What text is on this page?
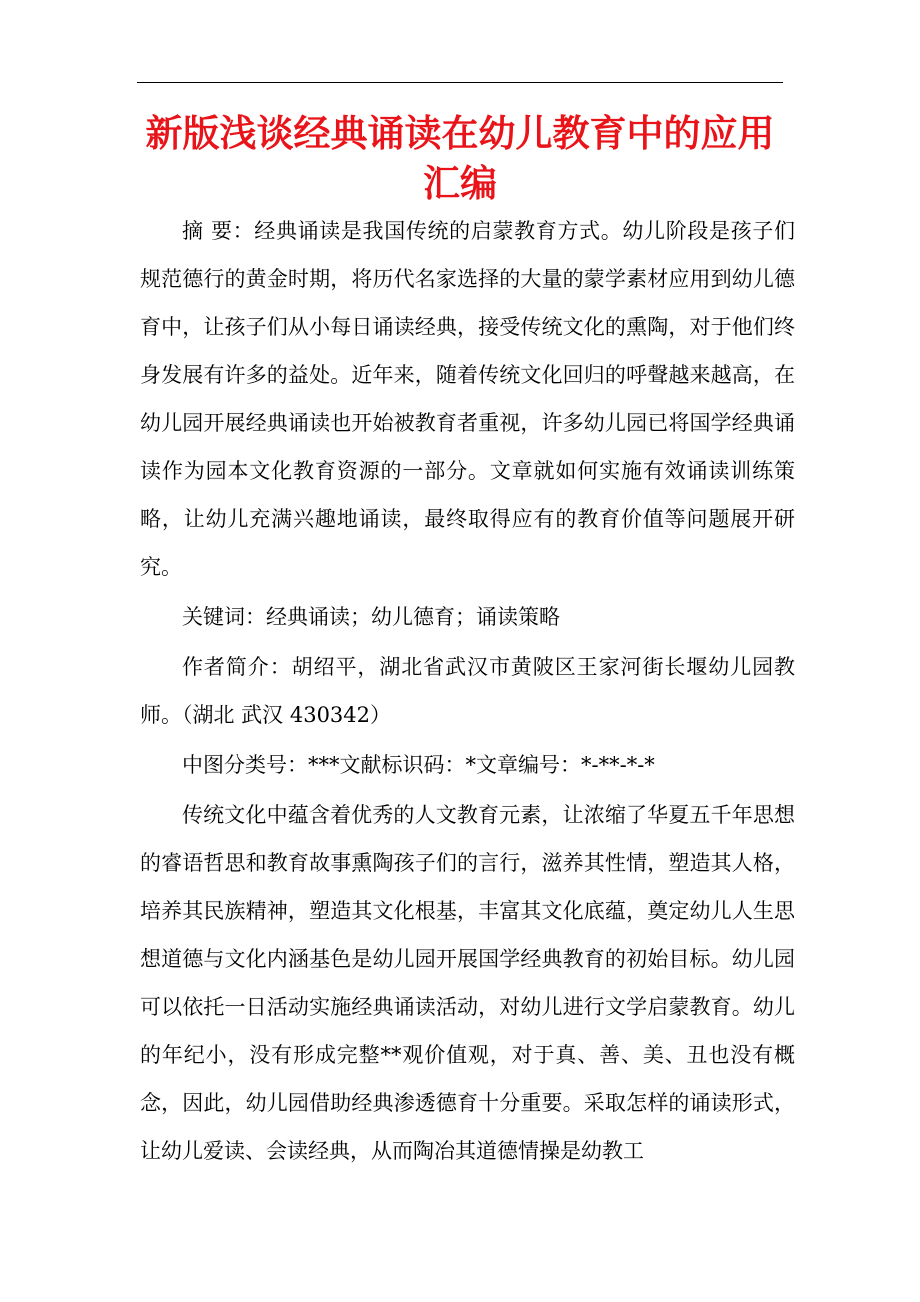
新版浅谈经典诵读在幼儿教育中的应用汇编

摘 要：经典诵读是我国传统的启蒙教育方式。幼儿阶段是孩子们规范德行的黄金时期，将历代名家选择的大量的蒙学素材应用到幼儿德育中，让孩子们从小每日诵读经典，接受传统文化的熏陶，对于他们终身发展有许多的益处。近年来，随着传统文化回归的呼聲越来越高，在幼儿园开展经典诵读也开始被教育者重视，许多幼儿园已将国学经典诵读作为园本文化教育资源的一部分。文章就如何实施有效诵读训练策略，让幼儿充满兴趣地诵读，最终取得应有的教育价值等问题展开研究。

关键词：经典诵读；幼儿德育；诵读策略

作者简介：胡绍平，湖北省武汉市黄陂区王家河街长堰幼儿园教师。（湖北 武汉 430342）

中图分类号：***文献标识码：*文章编号：*-**-*-*

传统文化中蕴含着优秀的人文教育元素，让浓缩了华夏五千年思想的睿语哲思和教育故事熏陶孩子们的言行，滋养其性情，塑造其人格，培养其民族精神，塑造其文化根基，丰富其文化底蕴，奠定幼儿人生思想道德与文化内涵基色是幼儿园开展国学经典教育的初始目标。幼儿园可以依托一日活动实施经典诵读活动，对幼儿进行文学启蒙教育。幼儿的年纪小，没有形成完整**观价值观，对于真、善、美、丑也没有概念，因此，幼儿园借助经典渗透德育十分重要。采取怎样的诵读形式，让幼儿爱读、会读经典，从而陶冶其道德情操是幼教工
